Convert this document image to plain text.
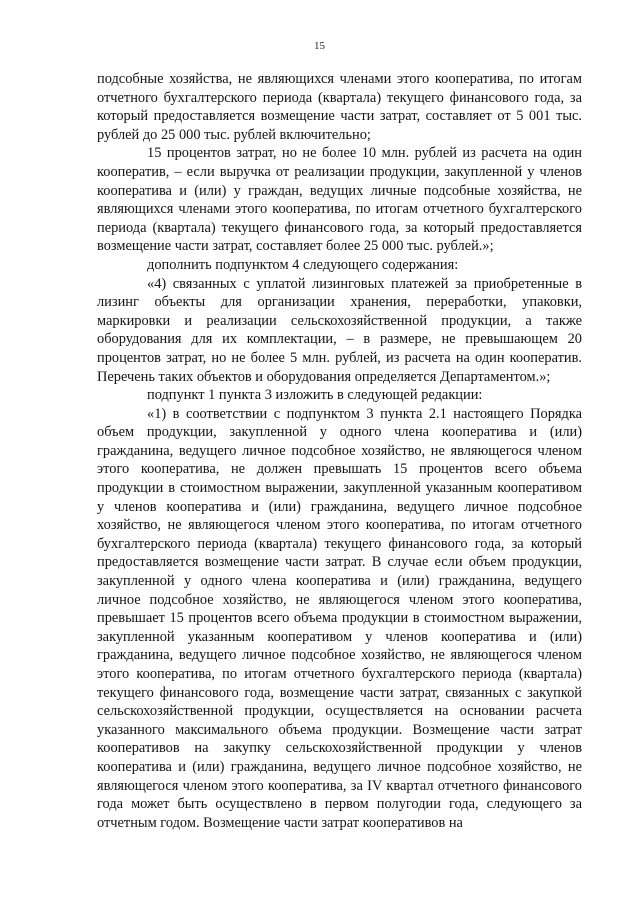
15

подсобные хозяйства, не являющихся членами этого кооператива, по итогам отчетного бухгалтерского периода (квартала) текущего финансового года, за который предоставляется возмещение части затрат, составляет от 5 001 тыс. рублей до 25 000 тыс. рублей включительно;

15 процентов затрат, но не более 10 млн. рублей из расчета на один кооператив, – если выручка от реализации продукции, закупленной у членов кооператива и (или) у граждан, ведущих личные подсобные хозяйства, не являющихся членами этого кооператива, по итогам отчетного бухгалтерского периода (квартала) текущего финансового года, за который предоставляется возмещение части затрат, составляет более 25 000 тыс. рублей.»;

дополнить подпунктом 4 следующего содержания:

«4) связанных с уплатой лизинговых платежей за приобретенные в лизинг объекты для организации хранения, переработки, упаковки, маркировки и реализации сельскохозяйственной продукции, а также оборудования для их комплектации, – в размере, не превышающем 20 процентов затрат, но не более 5 млн. рублей, из расчета на один кооператив. Перечень таких объектов и оборудования определяется Департаментом.»;

подпункт 1 пункта 3 изложить в следующей редакции:

«1) в соответствии с подпунктом 3 пункта 2.1 настоящего Порядка объем продукции, закупленной у одного члена кооператива и (или) гражданина, ведущего личное подсобное хозяйство, не являющегося членом этого кооператива, не должен превышать 15 процентов всего объема продукции в стоимостном выражении, закупленной указанным кооперативом у членов кооператива и (или) гражданина, ведущего личное подсобное хозяйство, не являющегося членом этого кооператива, по итогам отчетного бухгалтерского периода (квартала) текущего финансового года, за который предоставляется возмещение части затрат. В случае если объем продукции, закупленной у одного члена кооператива и (или) гражданина, ведущего личное подсобное хозяйство, не являющегося членом этого кооператива, превышает 15 процентов всего объема продукции в стоимостном выражении, закупленной указанным кооперативом у членов кооператива и (или) гражданина, ведущего личное подсобное хозяйство, не являющегося членом этого кооператива, по итогам отчетного бухгалтерского периода (квартала) текущего финансового года, возмещение части затрат, связанных с закупкой сельскохозяйственной продукции, осуществляется на основании расчета указанного максимального объема продукции. Возмещение части затрат кооперативов на закупку сельскохозяйственной продукции у членов кооператива и (или) гражданина, ведущего личное подсобное хозяйство, не являющегося членом этого кооператива, за IV квартал отчетного финансового года может быть осуществлено в первом полугодии года, следующего за отчетным годом. Возмещение части затрат кооперативов на
